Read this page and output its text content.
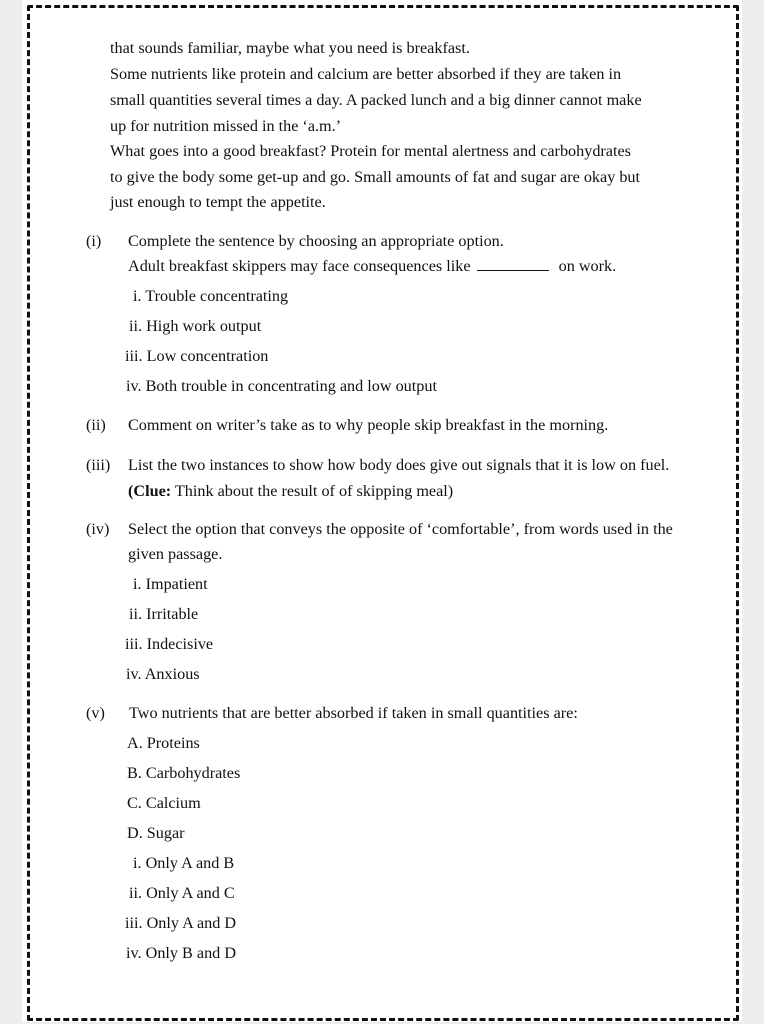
that sounds familiar, maybe what you need is breakfast.
Some nutrients like protein and calcium are better absorbed if they are taken in
small quantities several times a day. A packed lunch and a big dinner cannot make
up for nutrition missed in the ‘a.m.’
What goes into a good breakfast? Protein for mental alertness and carbohydrates
to give the body some get-up and go. Small amounts of fat and sugar are okay but
just enough to tempt the appetite.
(i) Complete the sentence by choosing an appropriate option.
Adult breakfast skippers may face consequences like	on work.
i. Trouble concentrating
ii. High work output
iii. Low concentration
iv. Both trouble in concentrating and low output
(ii) Comment on writer’s take as to why people skip breakfast in the morning.
(iii) List the two instances to show how body does give out signals that it is low on fuel.
(Clue: Think about the result of of skipping meal)
(iv) Select the option that conveys the opposite of ‘comfortable’, from words used in the
given passage.
i. Impatient
ii. Irritable
iii. Indecisive
iv. Anxious
(v) Two nutrients that are better absorbed if taken in small quantities are:
A. Proteins
B. Carbohydrates
C. Calcium
D. Sugar
i. Only A and B
ii. Only A and C
iii. Only A and D
iv. Only B and D
